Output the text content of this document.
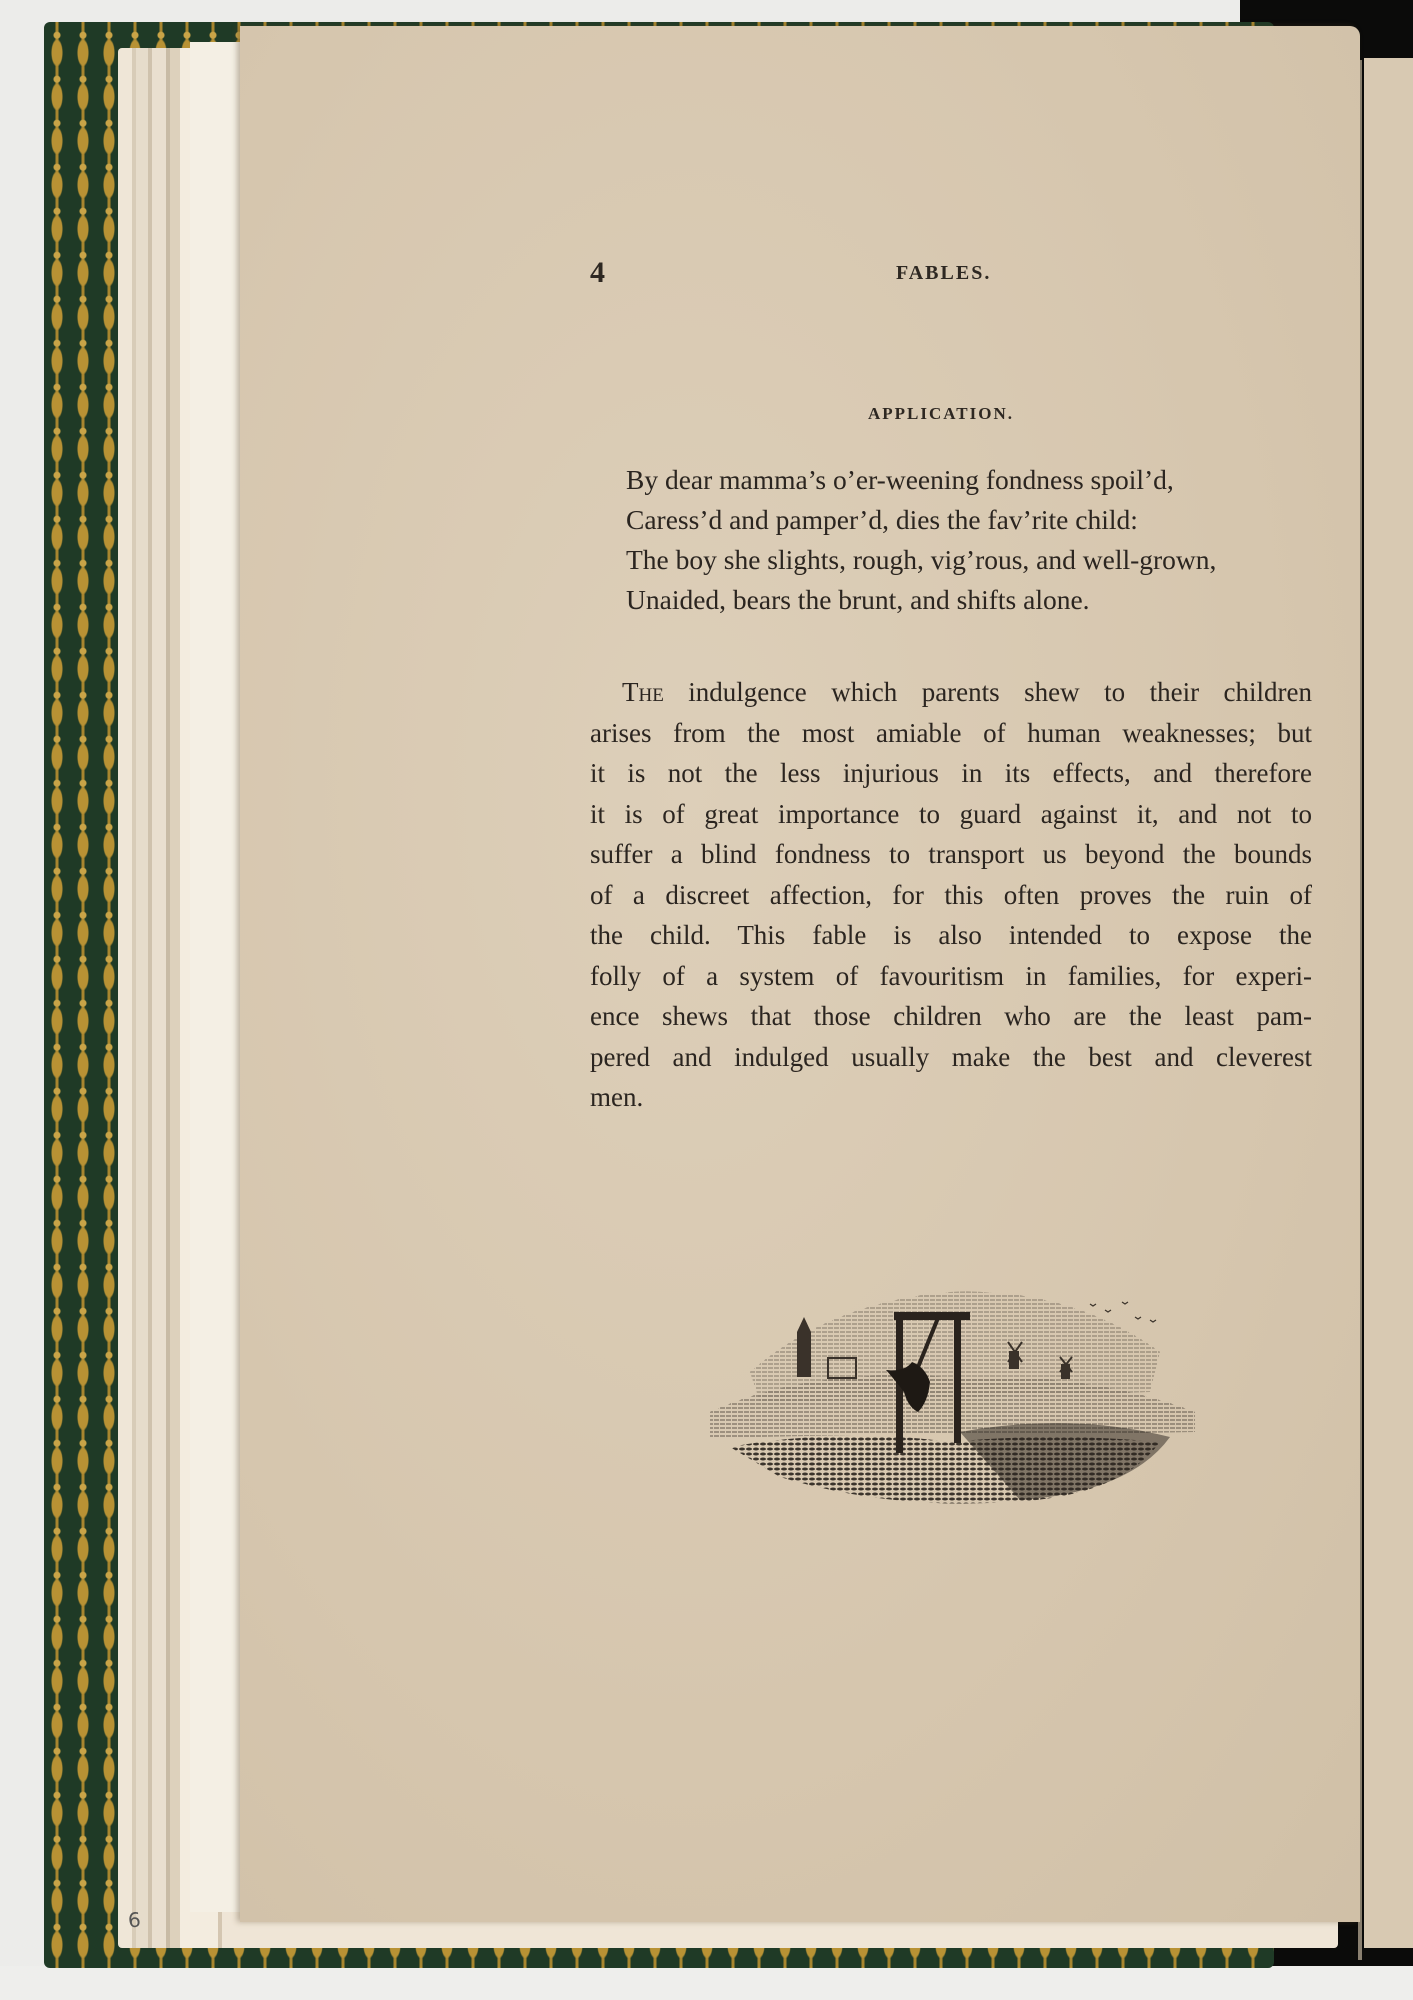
6
4	FABLES.
APPLICATION.
By dear mamma’s o’er-weening fondness spoil’d,
Caress’d and pamper’d, dies the fav’rite child:
The boy she slights, rough, vig’rous, and well-grown,
Unaided, bears the brunt, and shifts alone.
The indulgence which parents shew to their children
arises from the most amiable of human weaknesses; but
it is not the less injurious in its effects, and therefore
it is of great importance to guard against it, and not to
suffer a blind fondness to transport us beyond the bounds
of a discreet affection, for this often proves the ruin of
the child. This fable is also intended to expose the
folly of a system of favouritism in families, for experi-
ence shews that those children who are the least pam-
pered and indulged usually make the best and cleverest
men.
